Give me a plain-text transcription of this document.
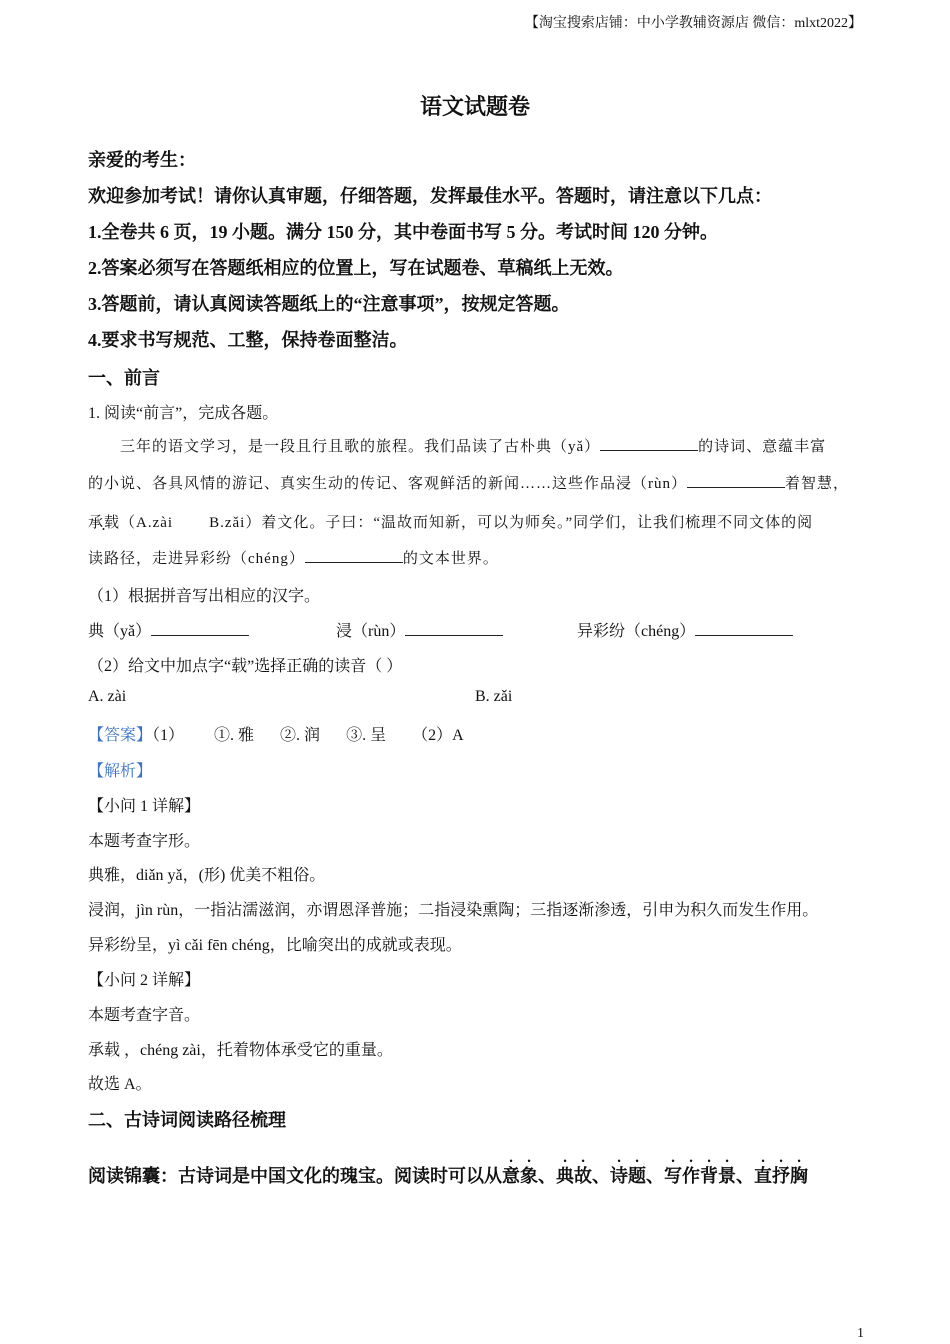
【淘宝搜索店铺：中小学教辅资源店 微信：mlxt2022】
语文试题卷
亲爱的考生：
欢迎参加考试！请你认真审题，仔细答题，发挥最佳水平。答题时，请注意以下几点：
1.全卷共 6 页，19 小题。满分 150 分，其中卷面书写 5 分。考试时间 120 分钟。
2.答案必须写在答题纸相应的位置上，写在试题卷、草稿纸上无效。
3.答题前，请认真阅读答题纸上的“注意事项”，按规定答题。
4.要求书写规范、工整，保持卷面整洁。
一、前言
1. 阅读“前言”，完成各题。
三年的语文学习，是一段且行且歌的旅程。我们品读了古朴典（yǎ）	的诗词、意蕴丰富
的小说、各具风情的游记、真实生动的传记、客观鲜活的新闻……这些作品浸（rùn）	着智慧，
承载（A.zài B.zǎi）着文化。子曰：“温故而知新，可以为师矣。”同学们，让我们梳理不同文体的阅
读路径，走进异彩纷（chéng）	的文本世界。
（1）根据拼音写出相应的汉字。
典（yǎ）	浸（rùn）	异彩纷（chéng）
（2）给文中加点字“载”选择正确的读音（ ）
A. zài	B. zǎi
【答案】（1） ①. 雅 ②. 润 ③. 呈 （2）A
【解析】
【小问 1 详解】
本题考查字形。
典雅，diǎn yǎ，(形) 优美不粗俗。
浸润，jìn rùn，一指沾濡滋润，亦谓恩泽普施；二指浸染熏陶；三指逐渐渗透，引申为积久而发生作用。
异彩纷呈，yì cǎi fēn chéng，比喻突出的成就或表现。
【小问 2 详解】
本题考查字音。
承载 ，chéng zài，托着物体承受它的重量。
故选 A。
二、古诗词阅读路径梳理
阅读锦囊：古诗词是中国文化的瑰宝。阅读时可以从意象、典故、诗题、写作背景、直抒胸
1
